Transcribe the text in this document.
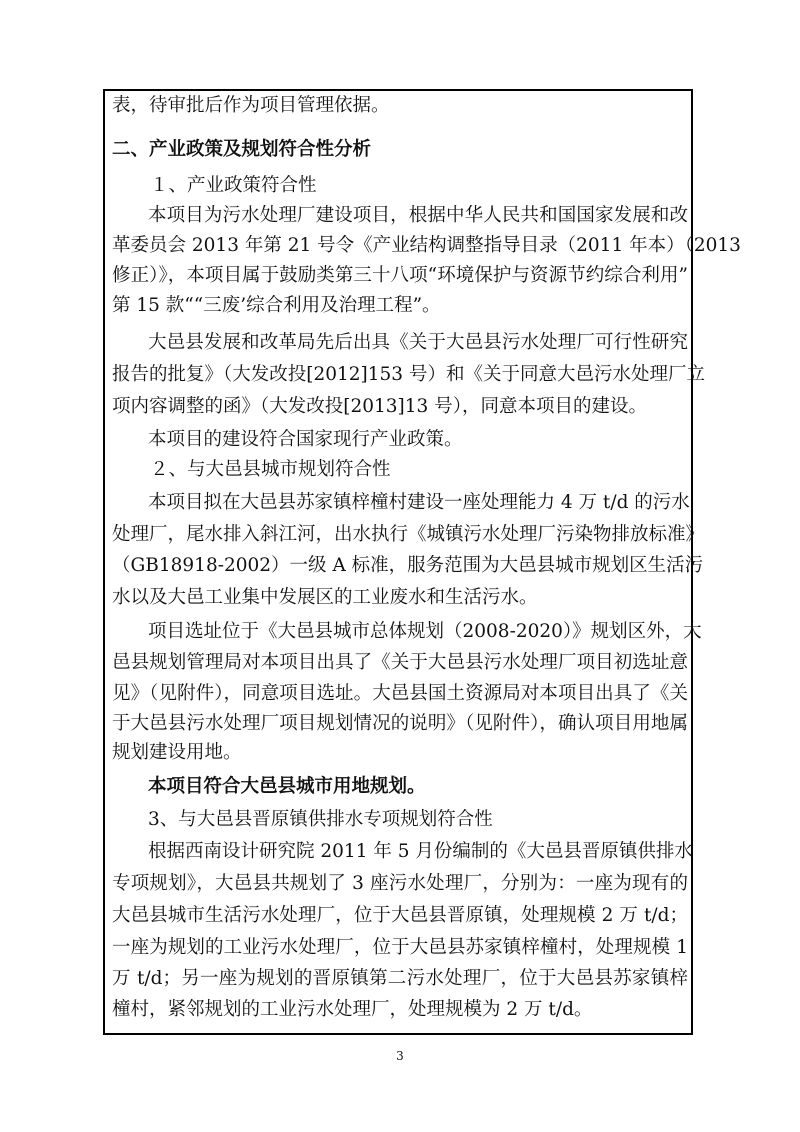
表，待审批后作为项目管理依据。
二、产业政策及规划符合性分析
１、产业政策符合性
本项目为污水处理厂建设项目，根据中华人民共和国国家发展和改
革委员会 2013 年第 21 号令《产业结构调整指导目录（2011 年本）（2013
修正）》，本项目属于鼓励类第三十八项“环境保护与资源节约综合利用”
第 15 款““三废’综合利用及治理工程”。
大邑县发展和改革局先后出具《关于大邑县污水处理厂可行性研究
报告的批复》（大发改投[2012]153 号）和《关于同意大邑污水处理厂立
项内容调整的函》（大发改投[2013]13 号），同意本项目的建设。
本项目的建设符合国家现行产业政策。
２、与大邑县城市规划符合性
本项目拟在大邑县苏家镇梓橦村建设一座处理能力 4 万 t/d 的污水
处理厂，尾水排入斜江河，出水执行《城镇污水处理厂污染物排放标准》
（GB18918-2002）一级 A 标准，服务范围为大邑县城市规划区生活污
水以及大邑工业集中发展区的工业废水和生活污水。
项目选址位于《大邑县城市总体规划（2008-2020）》规划区外，大
邑县规划管理局对本项目出具了《关于大邑县污水处理厂项目初选址意
见》（见附件），同意项目选址。大邑县国土资源局对本项目出具了《关
于大邑县污水处理厂项目规划情况的说明》（见附件），确认项目用地属
规划建设用地。
本项目符合大邑县城市用地规划。
3、与大邑县晋原镇供排水专项规划符合性
根据西南设计研究院 2011 年 5 月份编制的《大邑县晋原镇供排水
专项规划》，大邑县共规划了 3 座污水处理厂，分别为：一座为现有的
大邑县城市生活污水处理厂，位于大邑县晋原镇，处理规模 2 万 t/d；
一座为规划的工业污水处理厂，位于大邑县苏家镇梓橦村，处理规模 1
万 t/d；另一座为规划的晋原镇第二污水处理厂，位于大邑县苏家镇梓
橦村，紧邻规划的工业污水处理厂，处理规模为 2 万 t/d。
3
